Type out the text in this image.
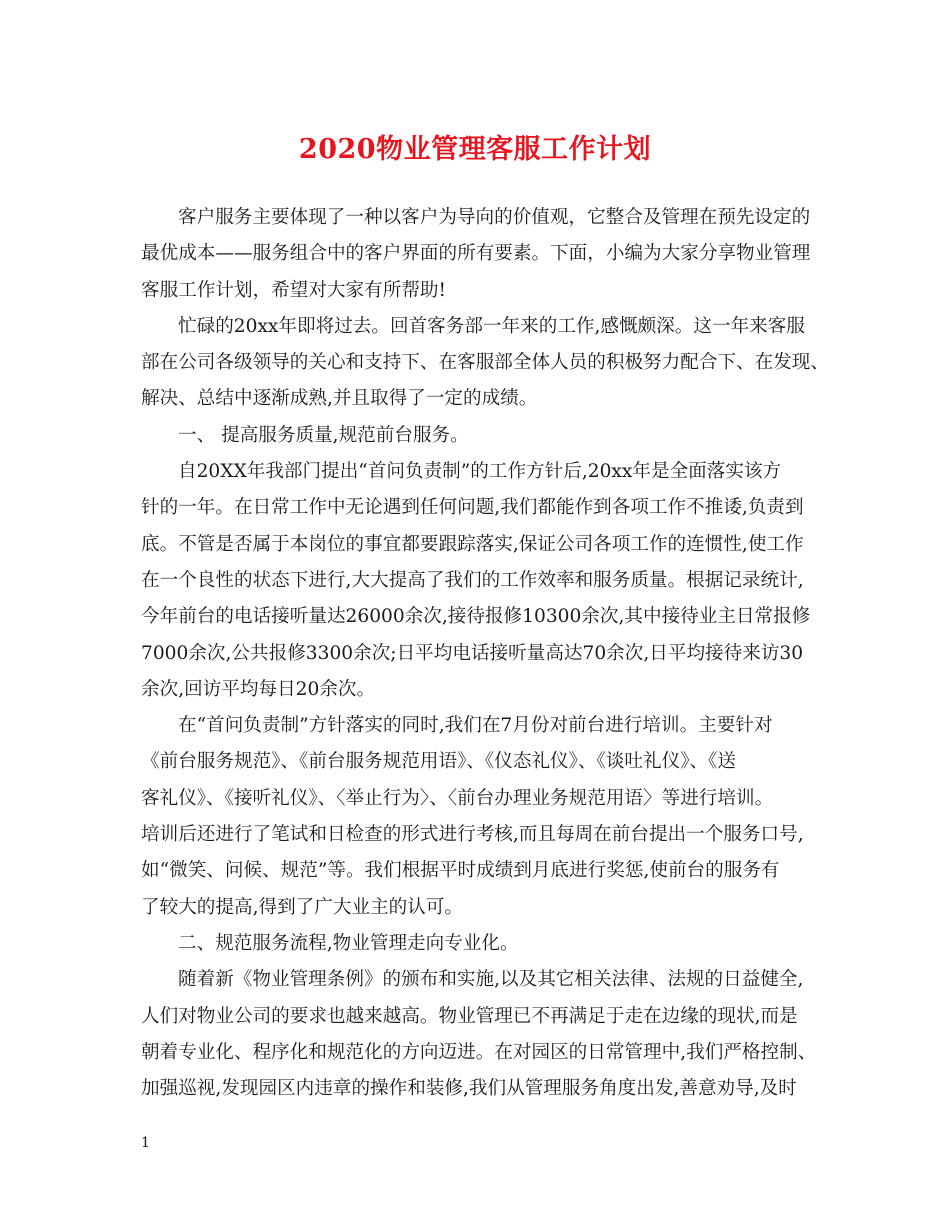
2020物业管理客服工作计划
客户服务主要体现了一种以客户为导向的价值观，它整合及管理在预先设定的
最优成本——服务组合中的客户界面的所有要素。下面，小编为大家分享物业管理
客服工作计划，希望对大家有所帮助!
忙碌的20xx年即将过去。回首客务部一年来的工作,感慨颇深。这一年来客服
部在公司各级领导的关心和支持下、在客服部全体人员的积极努力配合下、在发现、
解决、总结中逐渐成熟,并且取得了一定的成绩。
一、 提高服务质量,规范前台服务。
自20XX年我部门提出“首问负责制”的工作方针后,20xx年是全面落实该方
针的一年。在日常工作中无论遇到任何问题,我们都能作到各项工作不推诿,负责到
底。不管是否属于本岗位的事宜都要跟踪落实,保证公司各项工作的连惯性,使工作
在一个良性的状态下进行,大大提高了我们的工作效率和服务质量。根据记录统计,
今年前台的电话接听量达26000余次,接待报修10300余次,其中接待业主日常报修
7000余次,公共报修3300余次;日平均电话接听量高达70余次,日平均接待来访30
余次,回访平均每日20余次。
在“首问负责制”方针落实的同时,我们在7月份对前台进行培训。主要针对
《前台服务规范》、《前台服务规范用语》、《仪态礼仪》、《谈吐礼仪》、《送
客礼仪》、《接听礼仪》、〈举止行为〉、〈前台办理业务规范用语〉等进行培训。
培训后还进行了笔试和日检查的形式进行考核,而且每周在前台提出一个服务口号,
如“微笑、问候、规范”等。我们根据平时成绩到月底进行奖惩,使前台的服务有
了较大的提高,得到了广大业主的认可。
二、规范服务流程,物业管理走向专业化。
随着新《物业管理条例》的颁布和实施,以及其它相关法律、法规的日益健全,
人们对物业公司的要求也越来越高。物业管理已不再满足于走在边缘的现状,而是
朝着专业化、程序化和规范化的方向迈进。在对园区的日常管理中,我们严格控制、
加强巡视,发现园区内违章的操作和装修,我们从管理服务角度出发,善意劝导,及时
1
